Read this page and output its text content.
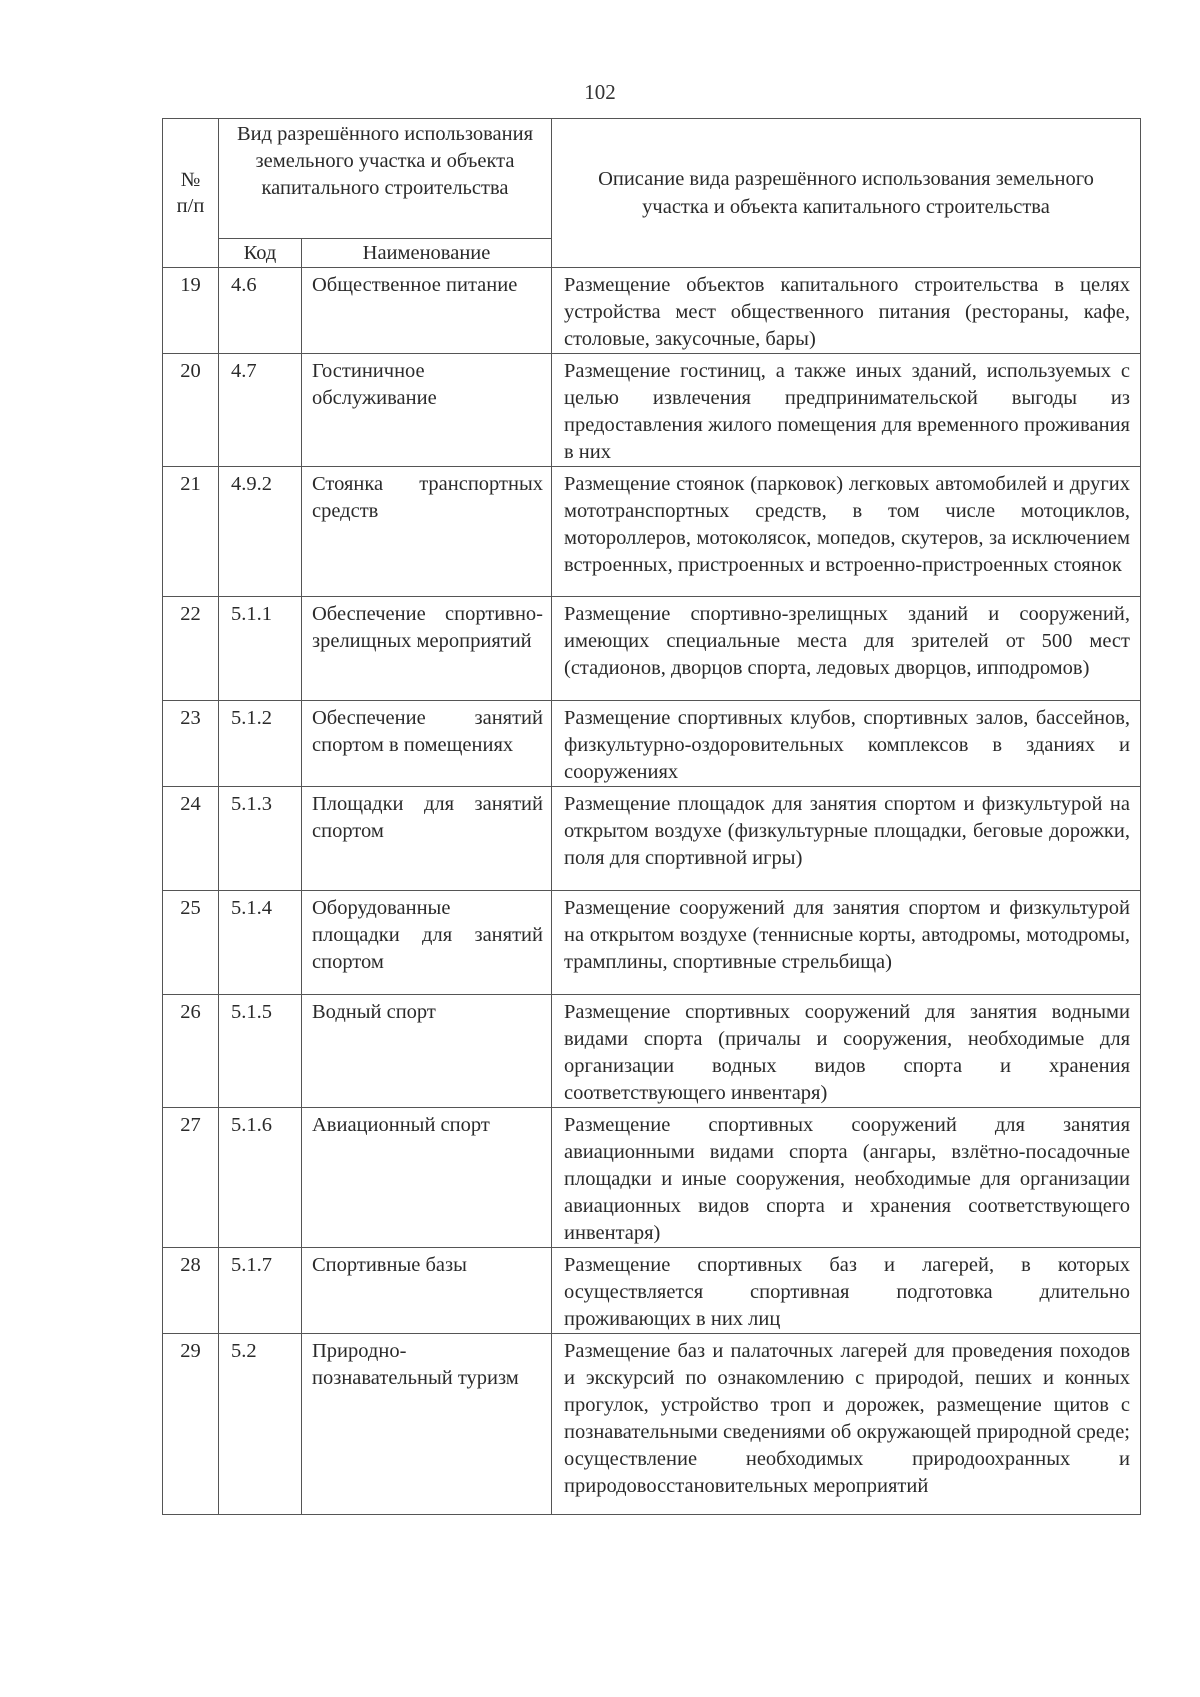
102
№
п/п	Вид разрешённого использования земельного участка и объекта капитального строительства		Описание вида разрешённого использования земельного участка и объекта капитального строительства
	Код	Наименование	
19	4.6	Общественное питание	Размещение объектов капитального строительства в целях устройства мест общественного питания (рестораны, кафе, столовые, закусочные, бары)
20	4.7	Гостиничное обслуживание	Размещение гостиниц, а также иных зданий, используемых с целью извлечения предпринимательской выгоды из предоставления жилого помещения для временного проживания в них
21	4.9.2	Стоянка транспортных средств	Размещение стоянок (парковок) легковых автомобилей и других мототранспортных средств, в том числе мотоциклов, мотороллеров, мотоколясок, мопедов, скутеров, за исключением встроенных, пристроенных и встроенно-пристроенных стоянок
22	5.1.1	Обеспечение спортивно-зрелищных мероприятий	Размещение спортивно-зрелищных зданий и сооружений, имеющих специальные места для зрителей от 500 мест (стадионов, дворцов спорта, ледовых дворцов, ипподромов)
23	5.1.2	Обеспечение занятий спортом в помещениях	Размещение спортивных клубов, спортивных залов, бассейнов, физкультурно-оздоровительных комплексов в зданиях и сооружениях
24	5.1.3	Площадки для занятий спортом	Размещение площадок для занятия спортом и физкультурой на открытом воздухе (физкультурные площадки, беговые дорожки, поля для спортивной игры)
25	5.1.4	Оборудованные площадки для занятий спортом	Размещение сооружений для занятия спортом и физкультурой на открытом воздухе (теннисные корты, автодромы, мотодромы, трамплины, спортивные стрельбища)
26	5.1.5	Водный спорт	Размещение спортивных сооружений для занятия водными видами спорта (причалы и сооружения, необходимые для организации водных видов спорта и хранения соответствующего инвентаря)
27	5.1.6	Авиационный спорт	Размещение спортивных сооружений для занятия авиационными видами спорта (ангары, взлётно-посадочные площадки и иные сооружения, необходимые для организации авиационных видов спорта и хранения соответствующего инвентаря)
28	5.1.7	Спортивные базы	Размещение спортивных баз и лагерей, в которых осуществляется спортивная подготовка длительно проживающих в них лиц
29	5.2	Природно-познавательный туризм	Размещение баз и палаточных лагерей для проведения походов и экскурсий по ознакомлению с природой, пеших и конных прогулок, устройство троп и дорожек, размещение щитов с познавательными сведениями об окружающей природной среде; осуществление необходимых природоохранных и природовосстановительных мероприятий
